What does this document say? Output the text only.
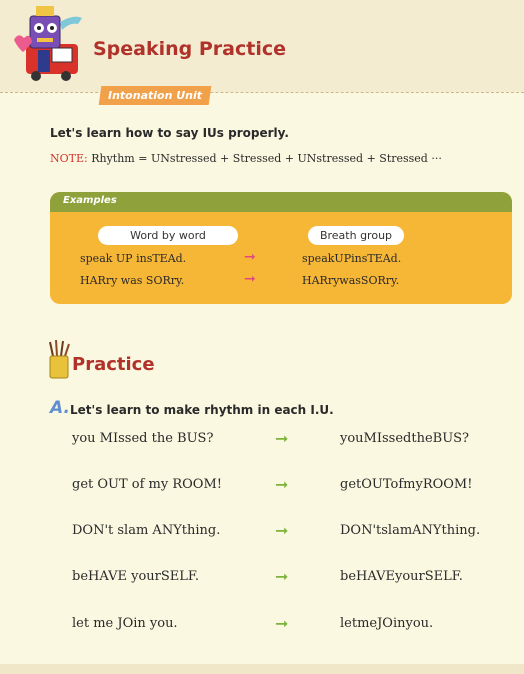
Speaking Practice
Intonation Unit
Let's learn how to say IUs properly.
NOTE: Rhythm = UNstressed + Stressed + UNstressed + Stressed ···
Examples
Word by word	Breath group
speak UP insTEAd.	➞	speakUPinsTEAd.
HARry was SORry.	➞	HARrywasSORry.
Practice
A. Let's learn to make rhythm in each I.U.
you MIssed the BUS?	➞	youMIssedtheBUS?
get OUT of my ROOM!	➞	getOUTofmyROOM!
DON't slam ANYthing.	➞	DON'tslamANYthing.
beHAVE yourSELF.	➞	beHAVEyourSELF.
let me JOin you.	➞	letmeJOinyou.
